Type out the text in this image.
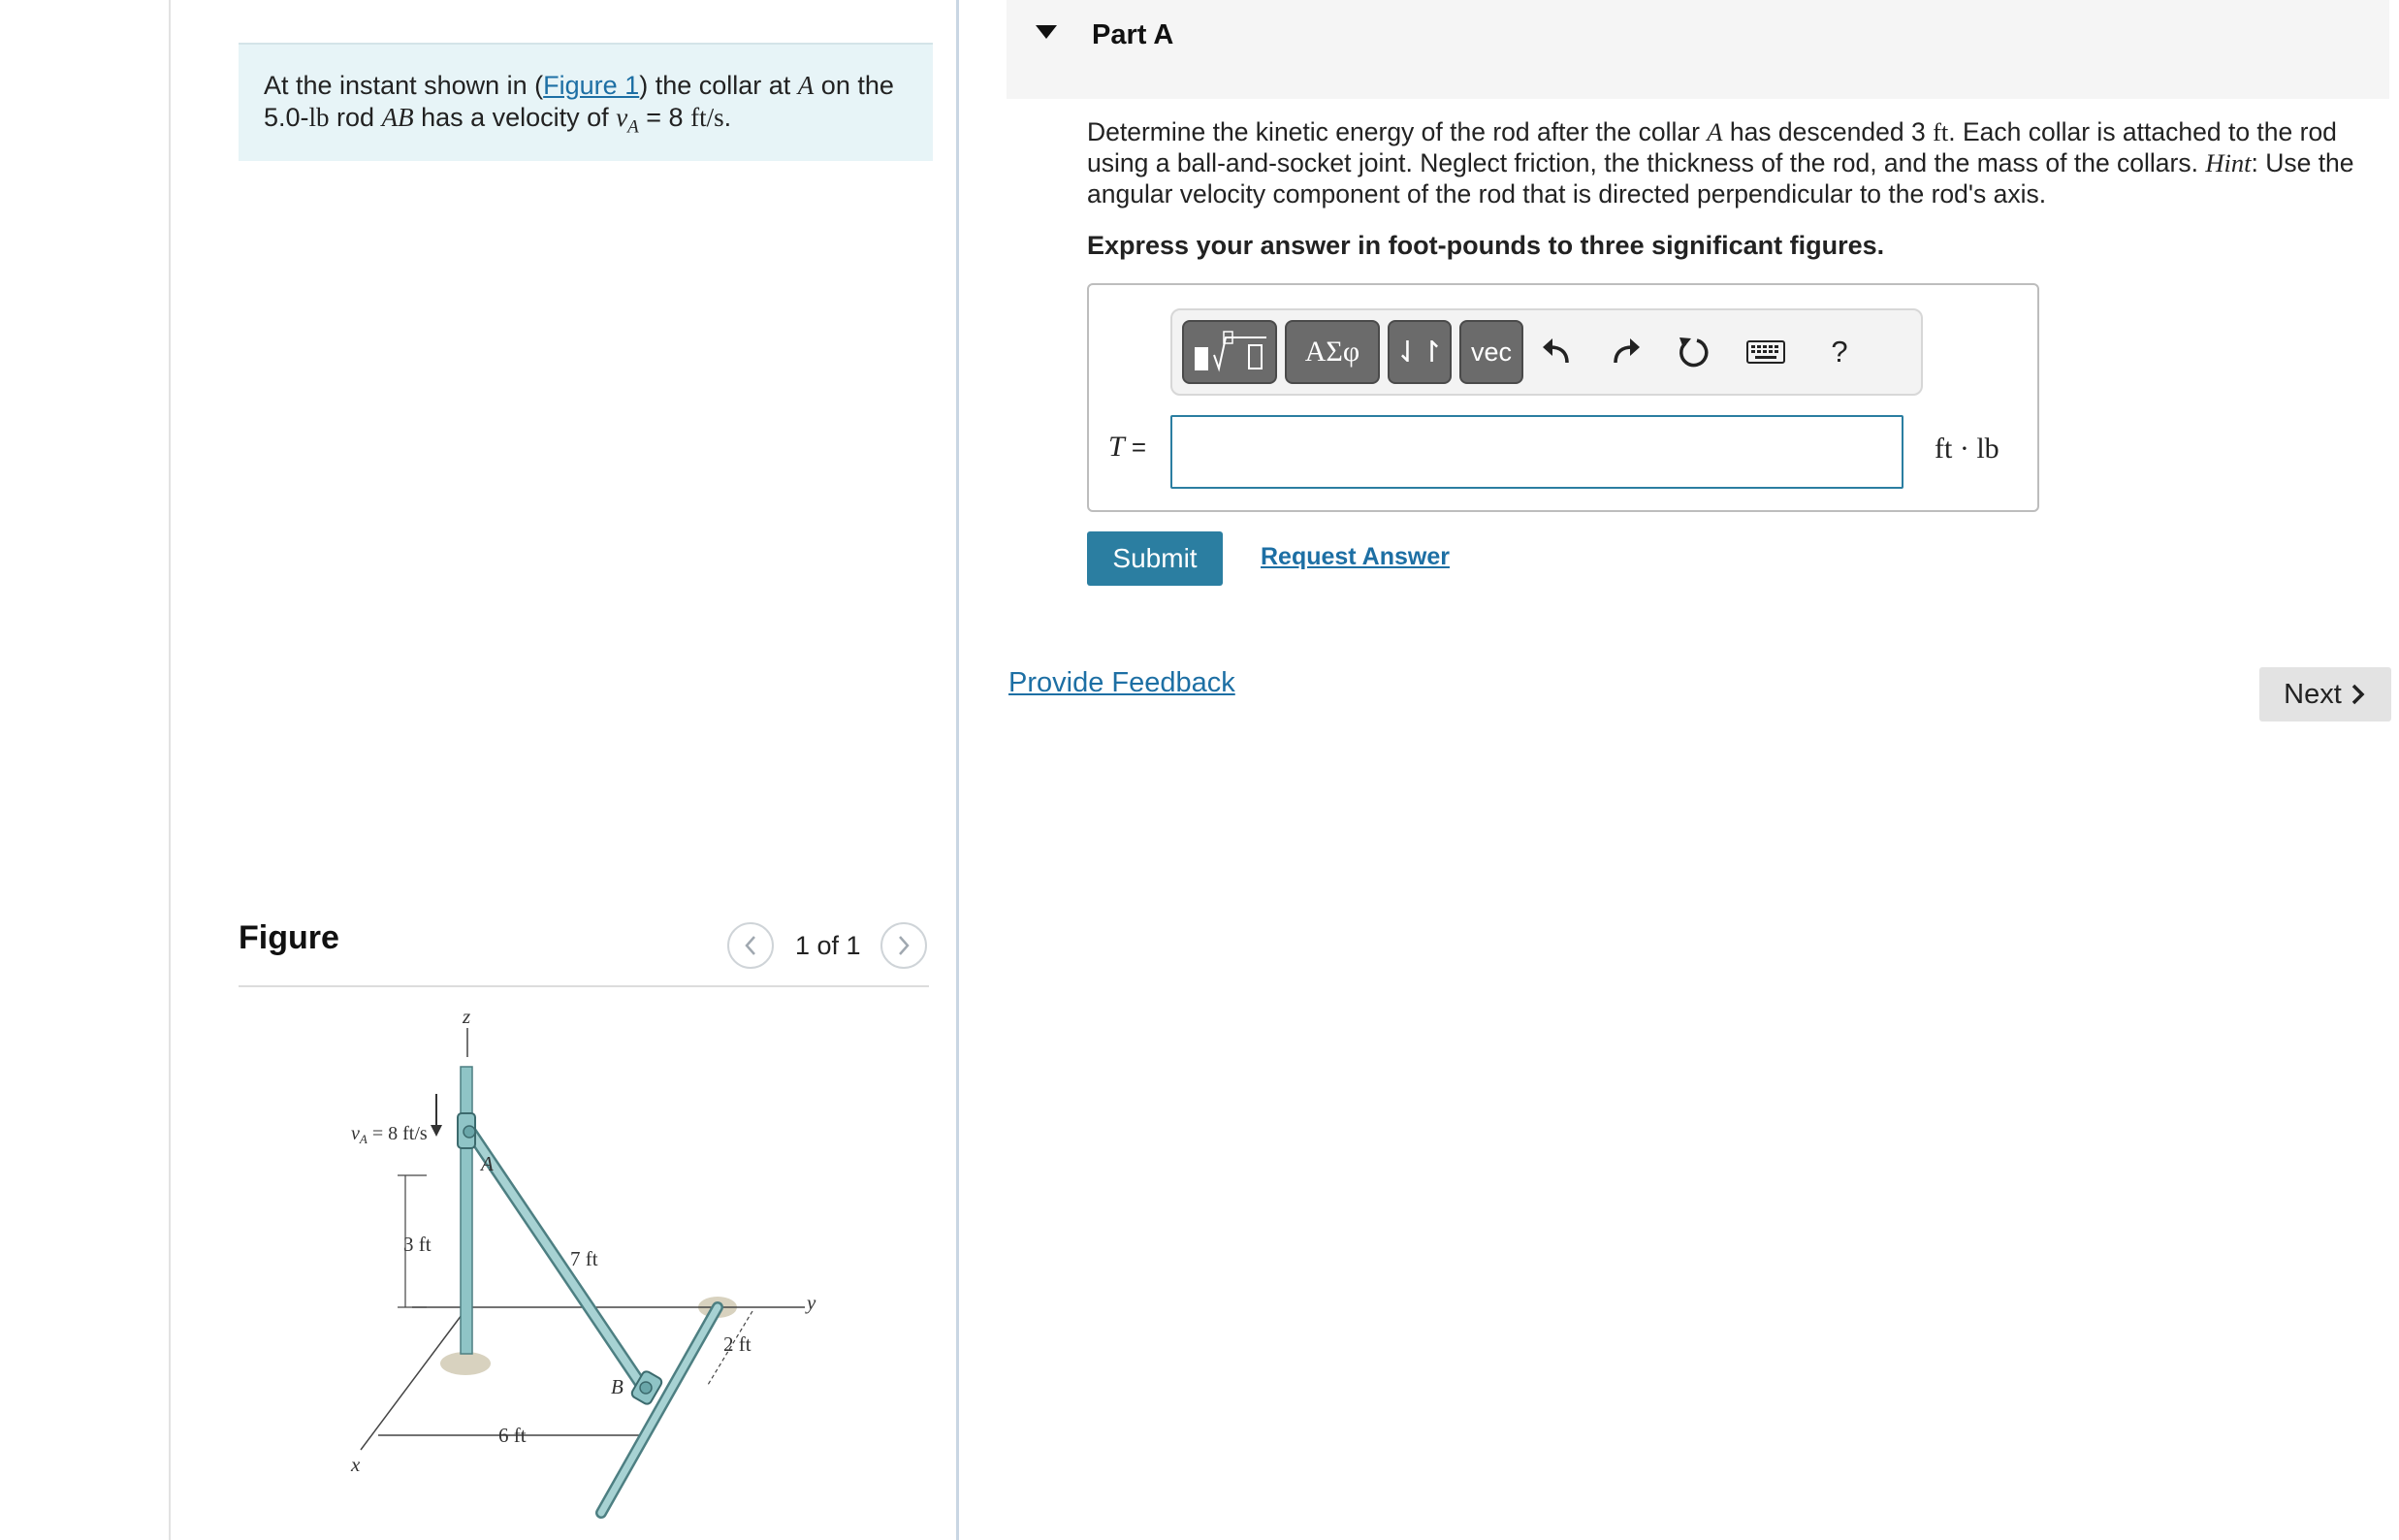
At the instant shown in (Figure 1) the collar at A on the
5.0-lb rod AB has a velocity of $v_A = 8$ ft/s.
Figure	1 of 1
z
$v_A = 8$ ft/s
A
3 ft
7 ft
y
2 ft
B
6 ft
x
Part A
Determine the kinetic energy of the rod after the collar A has descended 3 ft. Each collar is attached to the rod using a ball-and-socket joint. Neglect friction, the thickness of the rod, and the mass of the collars. Hint: Use the angular velocity component of the rod that is directed perpendicular to the rod's axis.
Express your answer in foot-pounds to three significant figures.
ΑΣφ	⇃↾	vec	?
T =	ft · lb
Submit	Request Answer
Provide Feedback	Next
